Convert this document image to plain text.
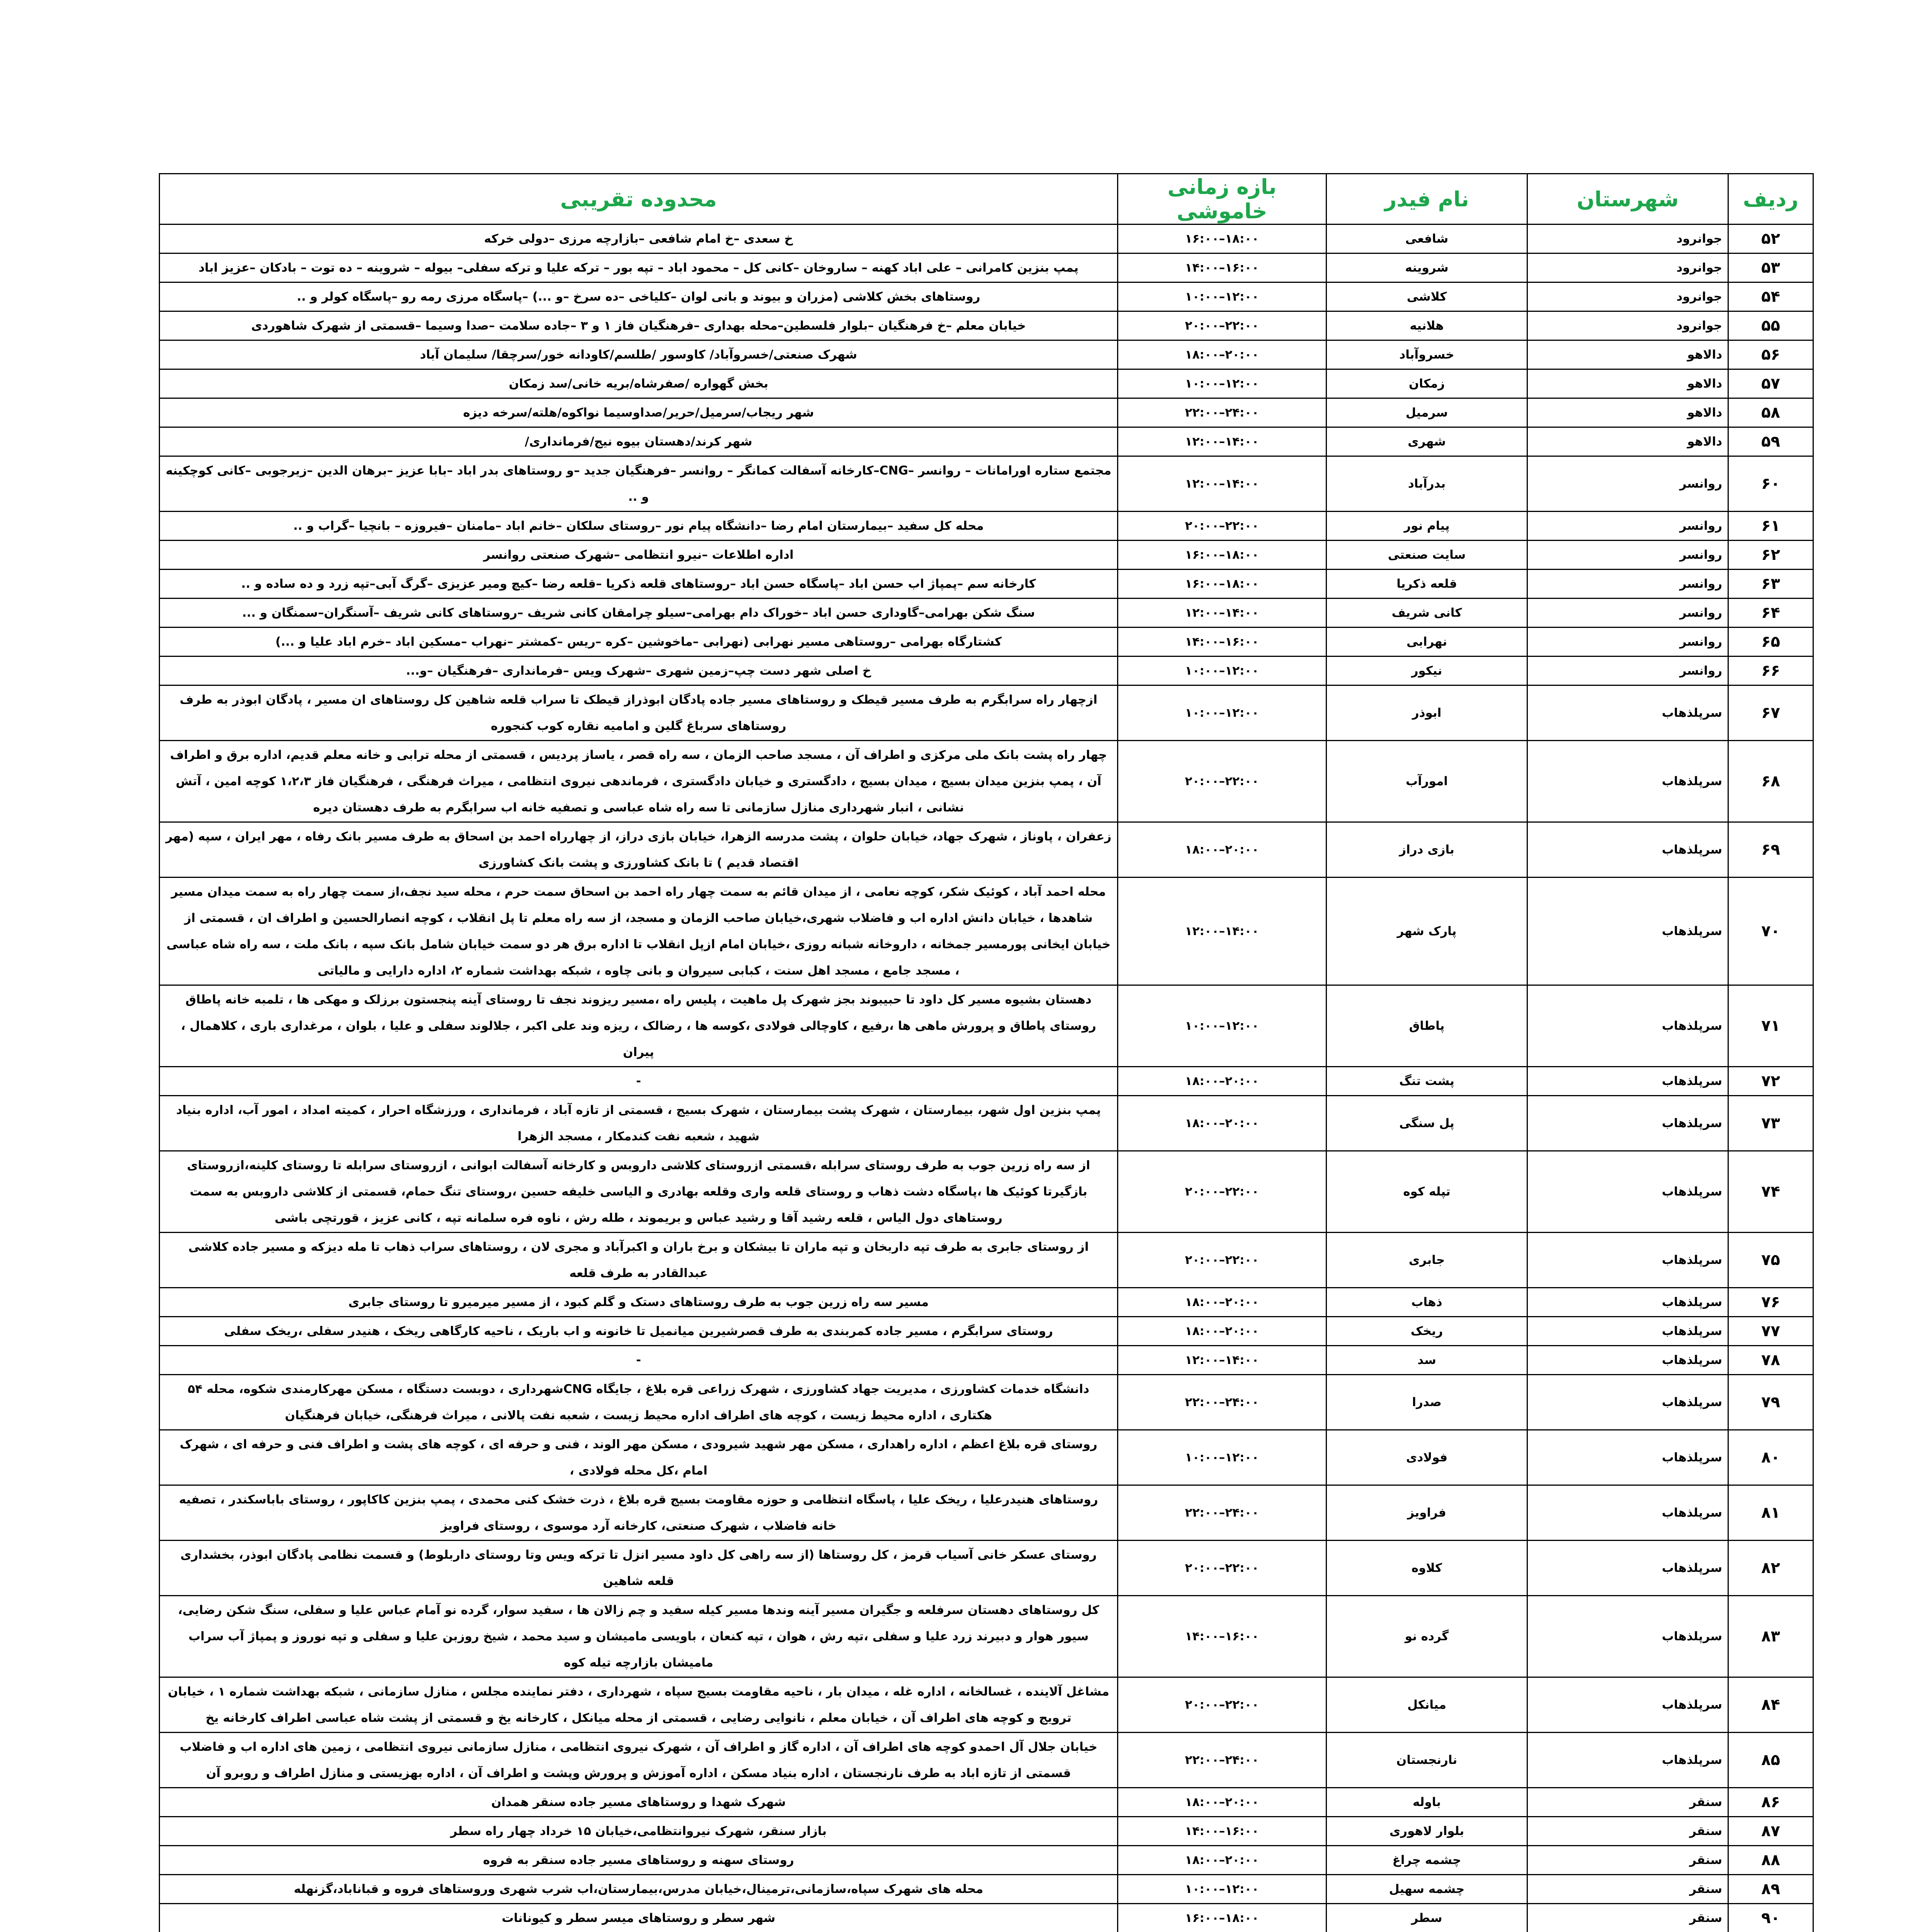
ردیف	شهرستان	نام فیدر	بازه زمانی خاموشی	محدوده تقریبی
۵۲	جوانرود	شافعی	۱۶:۰۰–۱۸:۰۰	خ سعدی –خ امام شافعی –بازارچه مرزی –دولی خرکه
۵۳	جوانرود	شروینه	۱۴:۰۰–۱۶:۰۰	پمپ بنزین کامرانی – علی اباد کهنه – ساروخان –کانی کل – محمود اباد – تپه بور – ترکه علیا و ترکه سفلی– بیوله – شروینه – ده توت – بادکان –عزیز اباد
۵۴	جوانرود	کلاشی	۱۰:۰۰–۱۲:۰۰	روستاهای بخش کلاشی (مزران و بیوند و بانی لوان –کلیاخی –ده سرخ –و ...) –پاسگاه مرزی رمه رو –پاسگاه کولر و ..
۵۵	جوانرود	هلانیه	۲۰:۰۰–۲۲:۰۰	خیابان معلم –خ فرهنگیان –بلوار فلسطین–محله بهداری –فرهنگیان فاز ۱ و ۳ –جاده سلامت –صدا وسیما –قسمتی از شهرک شاهوردی
۵۶	دالاهو	خسروآباد	۱۸:۰۰–۲۰:۰۰	شهرک صنعتی/خسروآباد/ کاوسور /طلسم/کاودانه خور/سرچقا/ سلیمان آباد
۵۷	دالاهو	زمکان	۱۰:۰۰–۱۲:۰۰	بخش گهواره /صفرشاه/بریه خانی/سد زمکان
۵۸	دالاهو	سرمیل	۲۲:۰۰–۲۴:۰۰	شهر ریجاب/سرمیل/حریر/صداوسیما نواکوه/هلته/سرخه دیزه
۵۹	دالاهو	شهری	۱۲:۰۰–۱۴:۰۰	شهر کرند/دهستان بیوه نیج/فرمانداری/
۶۰	روانسر	بدرآباد	۱۲:۰۰–۱۴:۰۰	مجتمع ستاره اورامانات – روانسر –CNG–کارخانه آسفالت کمانگر – روانسر –فرهنگیان جدید –و روستاهای بدر اباد –بابا عزیز –برهان الدین –زیرجوبی –کانی کوچکینه و ..
۶۱	روانسر	پیام نور	۲۰:۰۰–۲۲:۰۰	محله کل سفید –بیمارستان امام رضا –دانشگاه پیام نور –روستای سلکان –خانم اباد –مامنان –فیروزه – بانچیا –گراب و ..
۶۲	روانسر	سایت صنعتی	۱۶:۰۰–۱۸:۰۰	اداره اطلاعات –نیرو انتظامی –شهرک صنعتی روانسر
۶۳	روانسر	قلعه ذکریا	۱۶:۰۰–۱۸:۰۰	کارخانه سم –پمپاژ اب حسن اباد –پاسگاه حسن اباد –روستاهای قلعه ذکریا –قلعه رضا –کیچ ومیر عزیزی –گرگ آبی–تپه زرد و ده ساده و ..
۶۴	روانسر	کانی شریف	۱۲:۰۰–۱۴:۰۰	سنگ شکن بهرامی–گاوداری حسن اباد –خوراک دام بهرامی–سیلو چرامقان کانی شریف –روستاهای کانی شریف –آسنگران–سمنگان و ...
۶۵	روانسر	نهرابی	۱۴:۰۰–۱۶:۰۰	کشتارگاه بهرامی –روستاهی مسیر نهرابی (نهرابی –ماخوشین –کره –ریس –کمشتر –نهراب –مسکین اباد –خرم اباد علیا و ...)
۶۶	روانسر	نیکور	۱۰:۰۰–۱۲:۰۰	خ اصلی شهر دست چپ–زمین شهری –شهرک ویس –فرمانداری –فرهنگیان –و...
۶۷	سرپلذهاب	ابوذر	۱۰:۰۰–۱۲:۰۰	ازچهار راه سرابگرم به طرف مسیر قیطک و روستاهای مسیر جاده پادگان ابوذراز قیطک تا سراب قلعه شاهین کل روستاهای ان مسیر ، پادگان ابوذر به طرف روستاهای سرباغ گلین و امامیه نقاره کوب کنجوره
۶۸	سرپلذهاب	امورآب	۲۰:۰۰–۲۲:۰۰	چهار راه پشت بانک ملی مرکزی و اطراف آن ، مسجد صاحب الزمان ، سه راه قصر ، یاساز پردیس ، قسمتی از محله ترابی و خانه معلم قدیم، اداره برق و اطراف آن ، پمپ بنزین میدان بسیج ، میدان بسیج ، دادگستری و خیابان دادگستری ، فرماندهی نیروی انتظامی ، میراث فرهنگی ، فرهنگیان فاز ۱،۲،۳ کوچه امین ، آتش نشانی ، انبار شهرداری منازل سازمانی تا سه راه شاه عباسی و تصفیه خانه اب سرابگرم به طرف دهستان دیره
۶۹	سرپلذهاب	بازی دراز	۱۸:۰۰–۲۰:۰۰	زعفران ، پاوناز ، شهرک جهاد، خیابان حلوان ، پشت مدرسه الزهرا، خیابان بازی دراز، از چهارراه احمد بن اسحاق به طرف مسیر بانک رفاه ، مهر ایران ، سپه (مهر اقتصاد قدیم ) تا بانک کشاورزی و پشت بانک کشاورزی
۷۰	سرپلذهاب	پارک شهر	۱۲:۰۰–۱۴:۰۰	محله احمد آباد ، کوئیک شکر، کوچه نعامی ، از میدان قائم به سمت چهار راه احمد بن اسحاق سمت حرم ، محله سید نجف،از سمت چهار راه به سمت میدان مسیر شاهدها ، خیابان دانش اداره اب و فاضلاب شهری،خیابان صاحب الزمان و مسجد، از سه راه معلم تا پل انقلاب ، کوچه انصارالحسین و اطراف ان ، قسمتی از خیابان ایخانی پورمسیر جمخانه ، داروخانه شبانه روزی ،خیابان امام ازپل انقلاب تا اداره برق هر دو سمت خیابان شامل بانک سپه ، بانک ملت ، سه راه شاه عباسی ، مسجد جامع ، مسجد اهل سنت ، کبابی سیروان و بانی چاوه ، شبکه بهداشت شماره ۲، اداره دارایی و مالیاتی
۷۱	سرپلذهاب	پاطاق	۱۰:۰۰–۱۲:۰۰	دهستان بشیوه مسیر کل داود تا حبیبوند بجز شهرک پل ماهیت ، پلیس راه ،مسیر ریزوند نجف تا روستای آینه پنجستون برزلک و مهکی ها ، تلمبه خانه پاطاق روستای پاطاق و پرورش ماهی ها ،رفیع ، کاوچالی فولادی ،کوسه ها ، رضالک ، ریزه وند علی اکبر ، جلالوند سفلی و علیا ، بلوان ، مرغداری باری ، کلاهمال ، پیران
۷۲	سرپلذهاب	پشت تنگ	۱۸:۰۰–۲۰:۰۰	-
۷۳	سرپلذهاب	پل سنگی	۱۸:۰۰–۲۰:۰۰	پمپ بنزین اول شهر، بیمارستان ، شهرک پشت بیمارستان ، شهرک بسیج ، قسمتی از تازه آباد ، فرمانداری ، ورزشگاه احرار ، کمیته امداد ، امور آب، اداره بنیاد شهید ، شعبه نفت کندمکار ، مسجد الزهرا
۷۴	سرپلذهاب	تپله کوه	۲۰:۰۰–۲۲:۰۰	از سه راه زرین جوب به طرف روستای سرابله ،قسمتی ازروستای کلاشی داروبس و کارخانه آسفالت ابوانی ، ازروستای سرابله تا روستای کلینه،ازروستای بازگیرتا کوئیک ها ،پاسگاه دشت ذهاب و روستای قلعه واری وقلعه بهادری و الیاسی خلیفه حسین ،روستای تنگ حمام، قسمتی از کلاشی داروبس به سمت روستاهای دول الیاس ، قلعه رشید آقا و رشید عباس و بریموند ، طله رش ، ناوه فره سلمانه تپه ، کانی عزیز ، قورتچی باشی
۷۵	سرپلذهاب	جابری	۲۰:۰۰–۲۲:۰۰	از روستای جابری به طرف تپه داربخان و تپه ماران تا بیشکان و برخ باران و اکبرآباد و مجری لان ، روستاهای سراب ذهاب تا مله دیزکه و مسیر جاده کلاشی عبدالقادر به طرف قلعه
۷۶	سرپلذهاب	ذهاب	۱۸:۰۰–۲۰:۰۰	مسیر سه راه زرین جوب به طرف روستاهای دستک و گلم کبود ، از مسیر میرمیرو تا روستای جابری
۷۷	سرپلذهاب	ریخک	۱۸:۰۰–۲۰:۰۰	روستای سرابگرم ، مسیر جاده کمربندی به طرف قصرشیرین میانمیل تا خانونه و اب باریک ، ناحیه کارگاهی ریخک ، هنیدر سفلی ،ریخک سفلی
۷۸	سرپلذهاب	سد	۱۲:۰۰–۱۴:۰۰	-
۷۹	سرپلذهاب	صدرا	۲۲:۰۰–۲۴:۰۰	دانشگاه خدمات کشاورزی ، مدیریت جهاد کشاورزی ، شهرک زراعی قره بلاغ ، جایگاه CNGشهرداری ، دوبست دستگاه ، مسکن مهرکارمندی شکوه، محله ۵۴ هکتاری ، اداره محیط زیست ، کوچه های اطراف اداره محیط زیست ، شعبه نفت پالانی ، میراث فرهنگی، خیابان فرهنگیان
۸۰	سرپلذهاب	فولادی	۱۰:۰۰–۱۲:۰۰	روستای قره بلاغ اعظم ، اداره راهداری ، مسکن مهر شهید شیرودی ، مسکن مهر الوند ، فنی و حرفه ای ، کوچه های پشت و اطراف فنی و حرفه ای ، شهرک امام ،کل محله فولادی ،
۸۱	سرپلذهاب	فراویز	۲۲:۰۰–۲۴:۰۰	روستاهای هنیدرعلیا ، ریخک علیا ، پاسگاه انتظامی و حوزه مقاومت بسیج قره بلاغ ، ذرت خشک کنی محمدی ، پمپ بنزین کاکاپور ، روستای باباسکندر ، تصفیه خانه فاضلاب ، شهرک صنعتی، کارخانه آرد موسوی ، روستای فراویز
۸۲	سرپلذهاب	کلاوه	۲۰:۰۰–۲۲:۰۰	روستای عسکر خانی آسیاب قرمز ، کل روستاها (از سه راهی کل داود مسیر انزل تا ترکه ویس وتا روستای داربلوط) و قسمت نظامی پادگان ابوذر، بخشداری قلعه شاهین
۸۳	سرپلذهاب	گرده نو	۱۴:۰۰–۱۶:۰۰	کل روستاهای دهستان سرفلعه و جگیران مسیر آینه وندها مسیر کیله سفید و چم زالان ها ، سفید سوار، گرده نو آمام عباس علیا و سفلی، سنگ شکن رضایی، سیور هوار و دبیرند زرد علیا و سفلی ،تپه رش ، هوان ، تپه کنعان ، باویسی مامیشان و سید محمد ، شیخ روزبن علیا و سفلی و تپه نوروز و پمپاژ آب سراب مامیشان بازارچه تیله کوه
۸۴	سرپلذهاب	میانکل	۲۰:۰۰–۲۲:۰۰	مشاغل آلاینده ، غسالخانه ، اداره غله ، میدان بار ، ناحیه مقاومت بسیج سپاه ، شهرداری ، دفتر نماینده مجلس ، منازل سازمانی ، شبکه بهداشت شماره ۱ ، خیابان ترویج و کوچه های اطراف آن ، خیابان معلم ، نانوایی رضایی ، قسمتی از محله میانکل ، کارخانه یخ و قسمتی از پشت شاه عباسی اطراف کارخانه یخ
۸۵	سرپلذهاب	نارنجستان	۲۲:۰۰–۲۴:۰۰	خیابان جلال آل احمدو کوچه های اطراف آن ، اداره گاز و اطراف آن ، شهرک نیروی انتظامی ، منازل سازمانی نیروی انتظامی ، زمین های اداره اب و فاضلاب قسمتی از تازه اباد به طرف نارنجستان ، اداره بنیاد مسکن ، اداره آموزش و پرورش وپشت و اطراف آن ، اداره بهزیستی و منازل اطراف و روبرو آن
۸۶	سنقر	باوله	۱۸:۰۰–۲۰:۰۰	شهرک شهدا و روستاهای مسیر جاده سنقر همدان
۸۷	سنقر	بلوار لاهوری	۱۴:۰۰–۱۶:۰۰	بازار سنقر، شهرک نیروانتظامی،خیابان ۱۵ خرداد چهار راه سطر
۸۸	سنقر	چشمه چراغ	۱۸:۰۰–۲۰:۰۰	روستای سهنه و روستاهای مسیر جاده سنقر به فروه
۸۹	سنقر	چشمه سهیل	۱۰:۰۰–۱۲:۰۰	محله های شهرک سپاه،سازمانی،ترمینال،خیابان مدرس،بیمارستان،اب شرب شهری وروستاهای فروه و قباناباد،گزنهله
۹۰	سنقر	سطر	۱۶:۰۰–۱۸:۰۰	شهر سطر و روستاهای میسر سطر و کیونانات
